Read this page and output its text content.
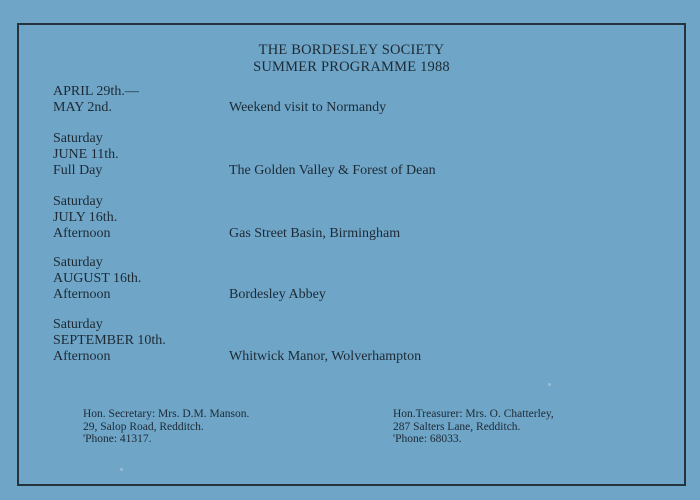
THE BORDESLEY SOCIETY
SUMMER PROGRAMME 1988
APRIL 29th.—
MAY 2nd.	Weekend visit to Normandy
Saturday
JUNE 11th.
Full Day	The Golden Valley & Forest of Dean
Saturday
JULY 16th.
Afternoon	Gas Street Basin, Birmingham
Saturday
AUGUST 16th.
Afternoon	Bordesley Abbey
Saturday
SEPTEMBER 10th.
Afternoon	Whitwick Manor, Wolverhampton
Hon. Secretary: Mrs. D.M. Manson.
29, Salop Road, Redditch.
'Phone: 41317.
Hon.Treasurer: Mrs. O. Chatterley,
287 Salters Lane, Redditch.
'Phone: 68033.
